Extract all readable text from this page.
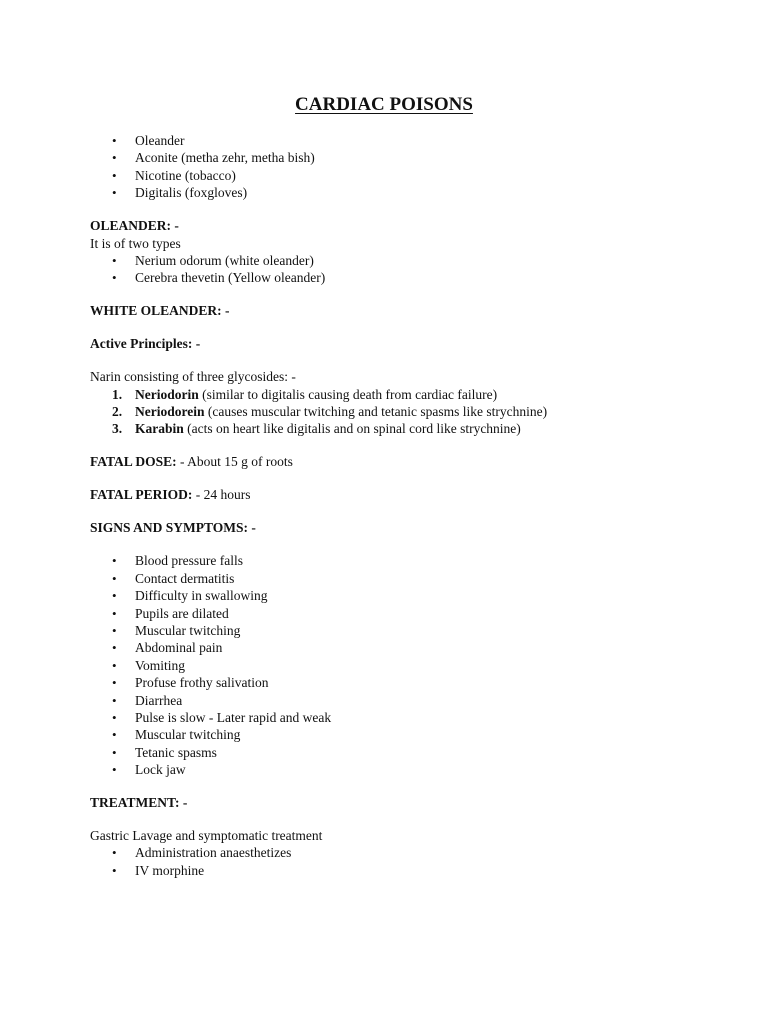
CARDIAC POISONS
• Oleander
• Aconite (metha zehr, metha bish)
• Nicotine (tobacco)
• Digitalis (foxgloves)
OLEANDER: -
It is of two types
• Nerium odorum (white oleander)
• Cerebra thevetin (Yellow oleander)
WHITE OLEANDER: -
Active Principles: -
Narin consisting of three glycosides: -
1. Neriodorin (similar to digitalis causing death from cardiac failure)
2. Neriodorein (causes muscular twitching and tetanic spasms like strychnine)
3. Karabin (acts on heart like digitalis and on spinal cord like strychnine)
FATAL DOSE: - About 15 g of roots
FATAL PERIOD: - 24 hours
SIGNS AND SYMPTOMS: -
• Blood pressure falls
• Contact dermatitis
• Difficulty in swallowing
• Pupils are dilated
• Muscular twitching
• Abdominal pain
• Vomiting
• Profuse frothy salivation
• Diarrhea
• Pulse is slow - Later rapid and weak
• Muscular twitching
• Tetanic spasms
• Lock jaw
TREATMENT: -
Gastric Lavage and symptomatic treatment
• Administration anaesthetizes
• IV morphine
